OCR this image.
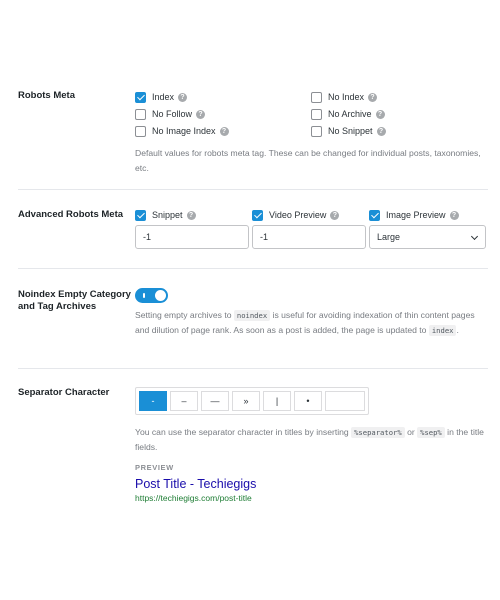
Robots Meta	Index ?	No Index ?
No Follow ?	No Archive ?
No Image Index ?	No Snippet ?
Default values for robots meta tag. These can be changed for individual posts, taxonomies, etc.
Advanced Robots Meta	Snippet ?	Video Preview ?	Image Preview ?
-1	-1	Large
Noindex Empty Category
and Tag Archives
Setting empty archives to noindex is useful for avoiding indexation of thin content pages and dilution of page rank. As soon as a post is added, the page is updated to index .
Separator Character
-	–	—	»	|	•
You can use the separator character in titles by inserting %separator% or %sep% in the title fields.
PREVIEW
Post Title - Techiegigs
https://techiegigs.com/post-title
